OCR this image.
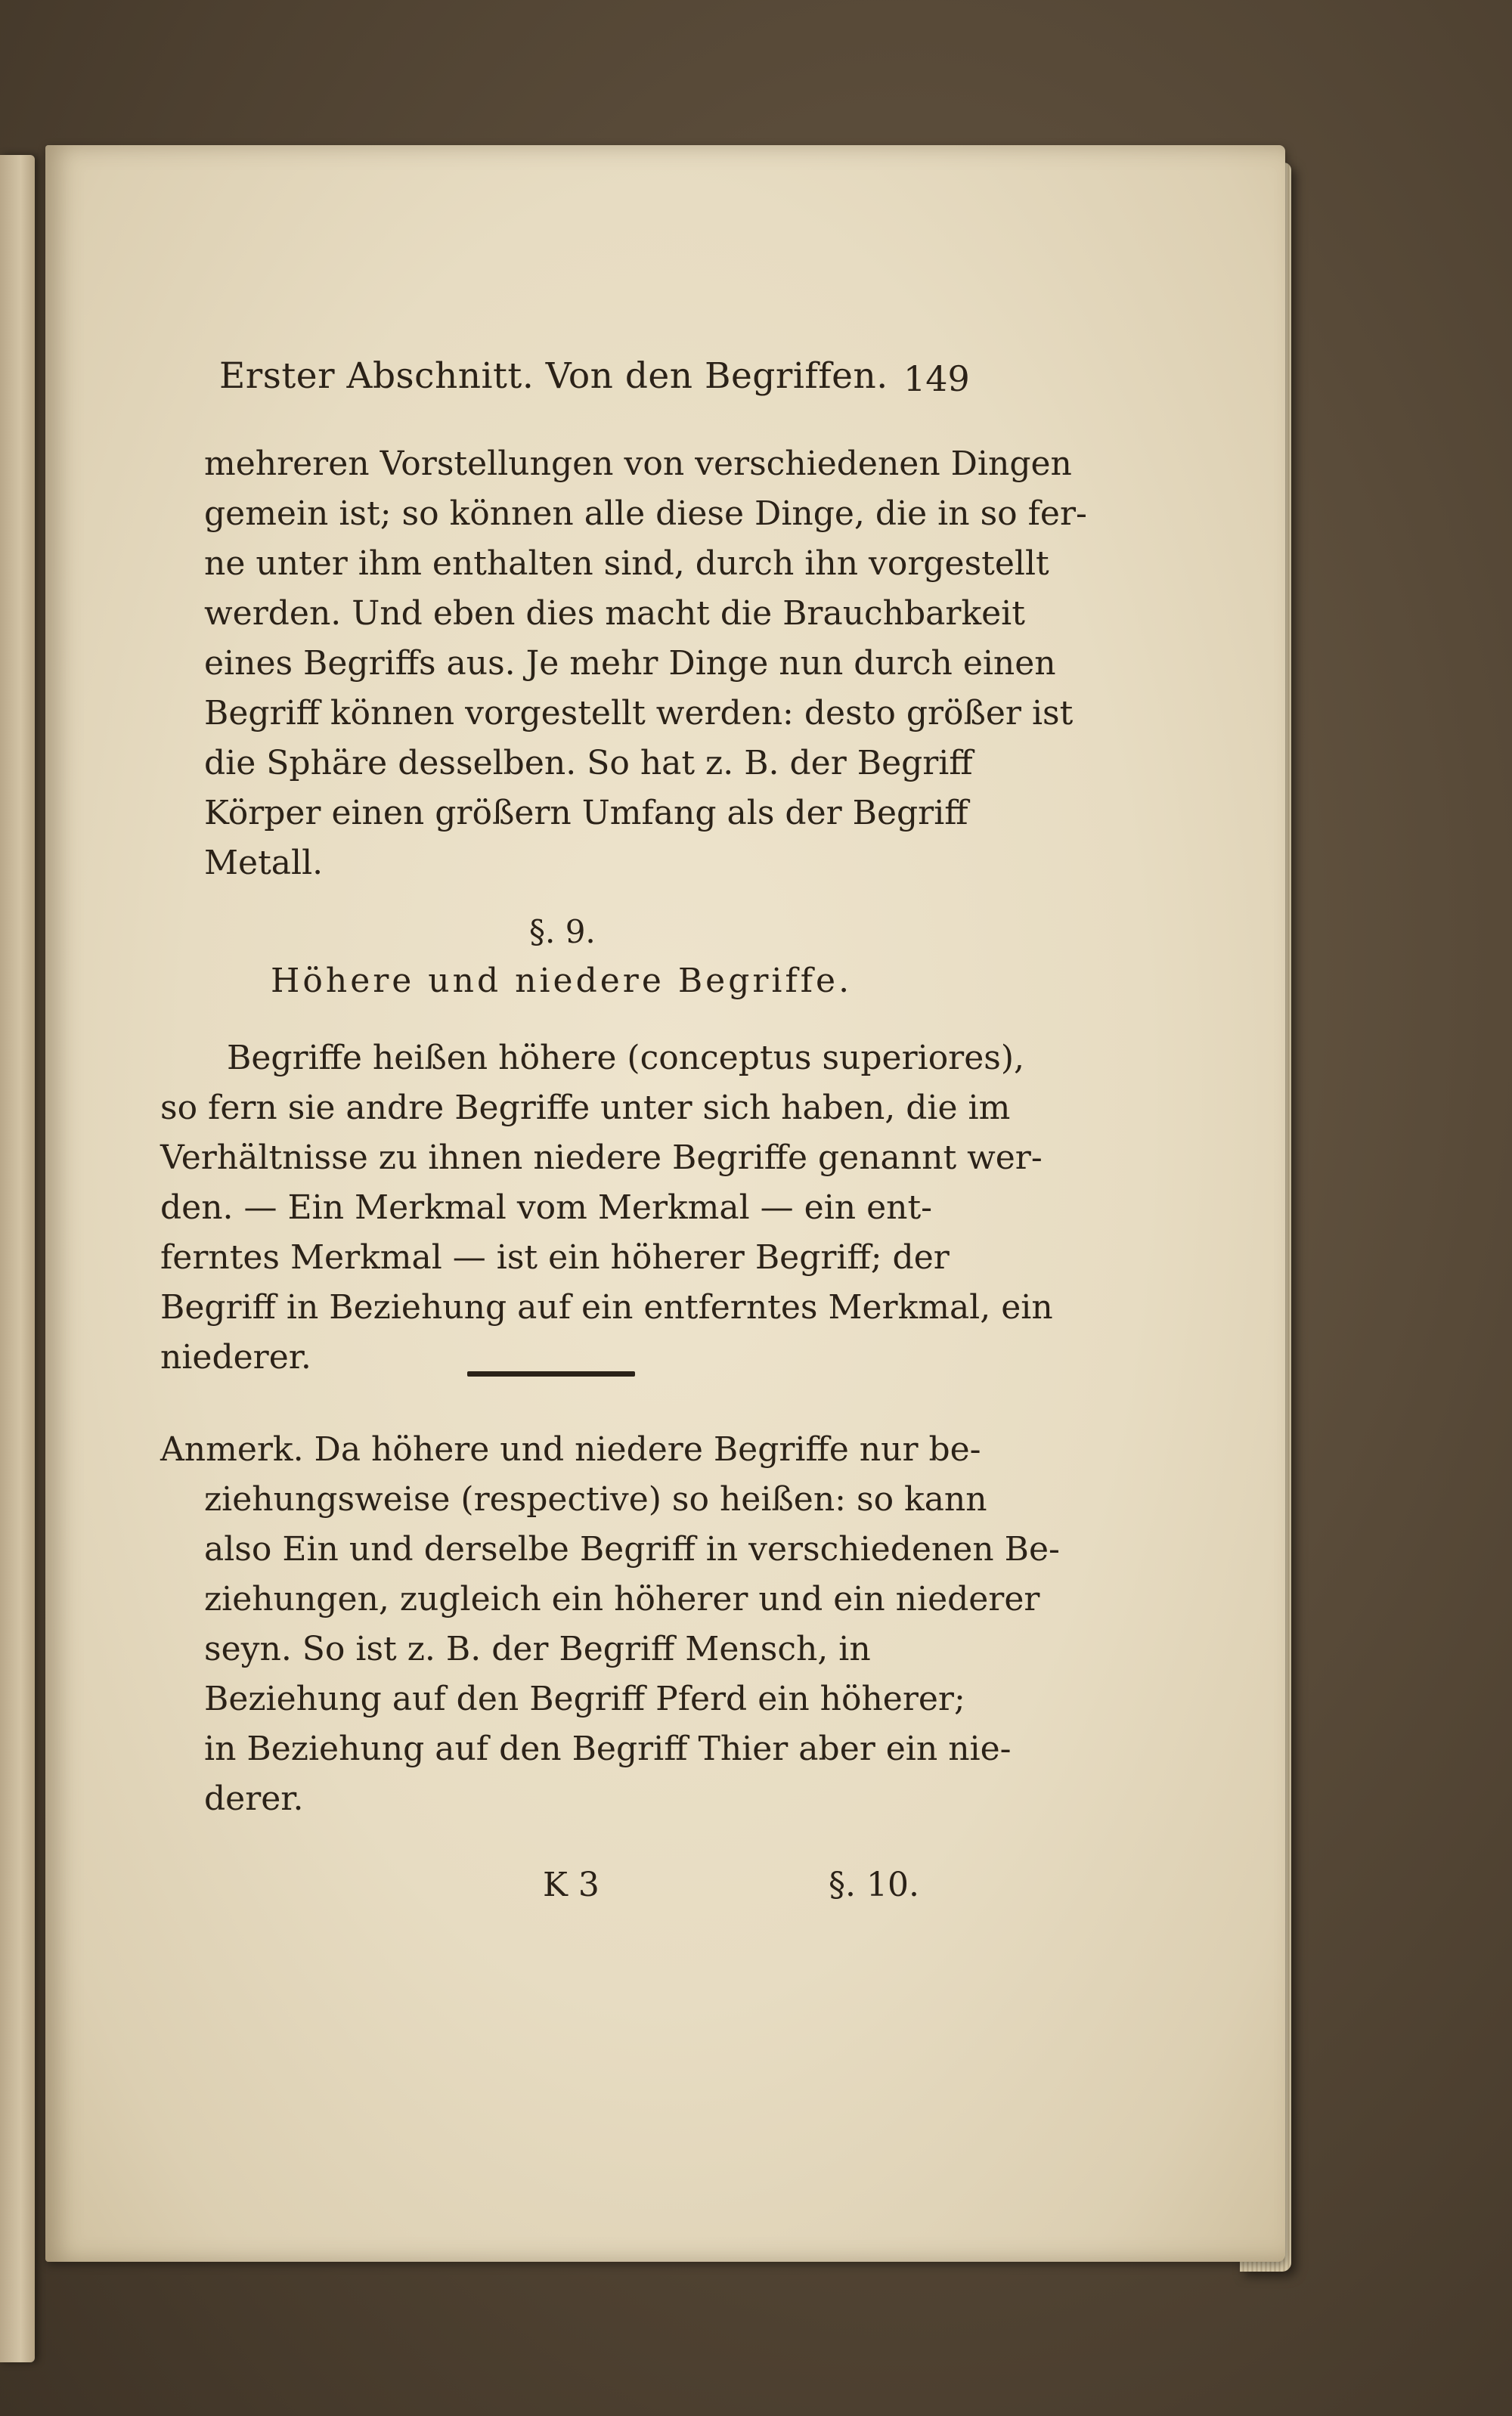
Erster Abschnitt. Von den Begriffen. 149
mehreren Vorstellungen von verschiedenen Dingen
gemein ist; so können alle diese Dinge, die in so fer-
ne unter ihm enthalten sind, durch ihn vorgestellt
werden. Und eben dies macht die Brauchbarkeit
eines Begriffs aus. Je mehr Dinge nun durch einen
Begriff können vorgestellt werden: desto größer ist
die Sphäre desselben. So hat z. B. der Begriff
Körper einen größern Umfang als der Begriff
Metall.
§. 9.
Höhere und niedere Begriffe.
Begriffe heißen höhere (conceptus superiores),
so fern sie andre Begriffe unter sich haben, die im
Verhältnisse zu ihnen niedere Begriffe genannt wer-
den. — Ein Merkmal vom Merkmal — ein ent-
ferntes Merkmal — ist ein höherer Begriff; der
Begriff in Beziehung auf ein entferntes Merkmal, ein
niederer.
Anmerk. Da höhere und niedere Begriffe nur be-
ziehungsweise (respective) so heißen: so kann
also Ein und derselbe Begriff in verschiedenen Be-
ziehungen, zugleich ein höherer und ein niederer
seyn. So ist z. B. der Begriff Mensch, in
Beziehung auf den Begriff Pferd ein höherer;
in Beziehung auf den Begriff Thier aber ein nie-
derer.
K 3	§. 10.
